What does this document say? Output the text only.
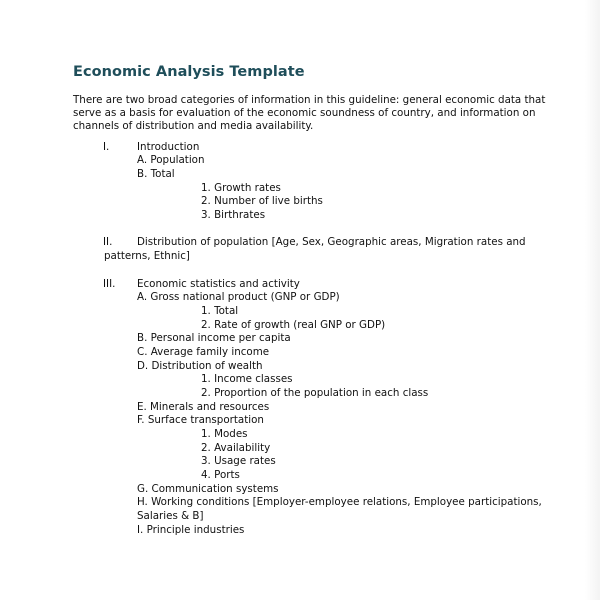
Economic Analysis Template
There are two broad categories of information in this guideline: general economic data that
serve as a basis for evaluation of the economic soundness of country, and information on
channels of distribution and media availability.
I.	Introduction
A. Population
B. Total
1. Growth rates
2. Number of live births
3. Birthrates
II. Distribution of population [Age, Sex, Geographic areas, Migration rates and
patterns, Ethnic]
III. Economic statistics and activity
A. Gross national product (GNP or GDP)
1. Total
2. Rate of growth (real GNP or GDP)
B. Personal income per capita
C. Average family income
D. Distribution of wealth
1. Income classes
2. Proportion of the population in each class
E. Minerals and resources
F. Surface transportation
1. Modes
2. Availability
3. Usage rates
4. Ports
G. Communication systems
H. Working conditions [Employer-employee relations, Employee participations,
Salaries & B]
I. Principle industries
